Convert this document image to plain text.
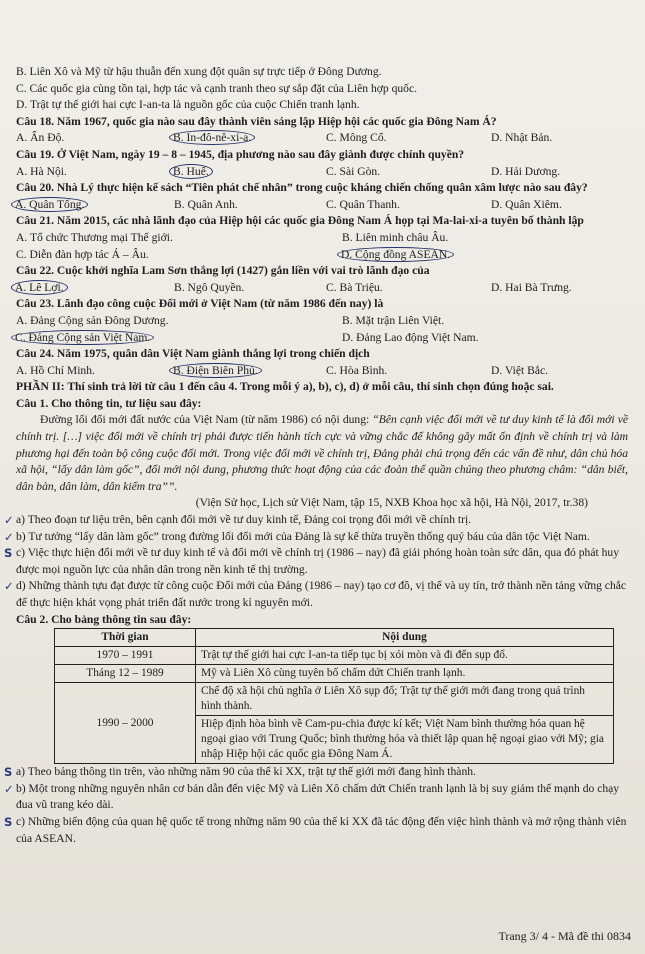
B. Liên Xô và Mỹ từ hậu thuẫn đến xung đột quân sự trực tiếp ở Đông Dương.
C. Các quốc gia cùng tồn tại, hợp tác và cạnh tranh theo sự sắp đặt của Liên hợp quốc.
D. Trật tự thế giới hai cực I-an-ta là nguồn gốc của cuộc Chiến tranh lạnh.
Câu 18. Năm 1967, quốc gia nào sau đây thành viên sáng lập Hiệp hội các quốc gia Đông Nam Á?
A. Ấn Độ.	B. In-đô-nê-xi-a.	C. Mông Cổ.	D. Nhật Bản.
Câu 19. Ở Việt Nam, ngày 19 – 8 – 1945, địa phương nào sau đây giành được chính quyền?
A. Hà Nội.	B. Huế.	C. Sài Gòn.	D. Hải Dương.
Câu 20. Nhà Lý thực hiện kế sách “Tiên phát chế nhân” trong cuộc kháng chiến chống quân xâm lược nào sau đây?
A. Quân Tống.	B. Quân Anh.	C. Quân Thanh.	D. Quân Xiêm.
Câu 21. Năm 2015, các nhà lãnh đạo của Hiệp hội các quốc gia Đông Nam Á họp tại Ma-lai-xi-a tuyên bố thành lập
A. Tổ chức Thương mại Thế giới.	B. Liên minh châu Âu.
C. Diễn đàn hợp tác Á – Âu.	D. Cộng đồng ASEAN.
Câu 22. Cuộc khởi nghĩa Lam Sơn thắng lợi (1427) gắn liền với vai trò lãnh đạo của
A. Lê Lợi.	B. Ngô Quyền.	C. Bà Triệu.	D. Hai Bà Trưng.
Câu 23. Lãnh đạo công cuộc Đổi mới ở Việt Nam (từ năm 1986 đến nay) là
A. Đảng Cộng sản Đông Dương.	B. Mặt trận Liên Việt.
C. Đảng Cộng sản Việt Nam.	D. Đảng Lao động Việt Nam.
Câu 24. Năm 1975, quân dân Việt Nam giành thắng lợi trong chiến dịch
A. Hồ Chí Minh.	B. Điện Biên Phủ.	C. Hòa Bình.	D. Việt Bắc.
PHẦN II: Thí sinh trả lời từ câu 1 đến câu 4. Trong mỗi ý a), b), c), d) ở mỗi câu, thí sinh chọn đúng hoặc sai.
Câu 1. Cho thông tin, tư liệu sau đây:
Đường lối đổi mới đất nước của Việt Nam (từ năm 1986) có nội dung: “Bên cạnh việc đổi mới về tư duy kinh tế là đổi mới về chính trị. […] việc đổi mới về chính trị phải được tiến hành tích cực và vững chắc để không gây mất ổn định về chính trị và làm phương hại đến toàn bộ công cuộc đổi mới. Trong việc đổi mới về chính trị, Đảng phải chú trọng đến các vấn đề như, dân chủ hóa xã hội, “lấy dân làm gốc”, đổi mới nội dung, phương thức hoạt động của các đoàn thể quần chúng theo phương châm: “dân biết, dân bàn, dân làm, dân kiểm tra””.
(Viện Sử học, Lịch sử Việt Nam, tập 15, NXB Khoa học xã hội, Hà Nội, 2017, tr.38)
✓ a) Theo đoạn tư liệu trên, bên cạnh đổi mới về tư duy kinh tế, Đảng coi trọng đổi mới về chính trị.
✓ b) Tư tưởng “lấy dân làm gốc” trong đường lối đổi mới của Đảng là sự kế thừa truyền thống quý báu của dân tộc Việt Nam.
S c) Việc thực hiện đổi mới về tư duy kinh tế và đổi mới về chính trị (1986 – nay) đã giải phóng hoàn toàn sức dân, qua đó phát huy được mọi nguồn lực của nhân dân trong nền kinh tế thị trường.
✓ d) Những thành tựu đạt được từ công cuộc Đổi mới của Đảng (1986 – nay) tạo cơ đồ, vị thế và uy tín, trở thành nền tảng vững chắc để thực hiện khát vọng phát triển đất nước trong kỉ nguyên mới.
Câu 2. Cho bảng thông tin sau đây:
Thời gian	Nội dung
1970 – 1991	Trật tự thế giới hai cực I-an-ta tiếp tục bị xói mòn và đi đến sụp đổ.
Tháng 12 – 1989	Mỹ và Liên Xô cùng tuyên bố chấm dứt Chiến tranh lạnh.
1990 – 2000	Chế độ xã hội chủ nghĩa ở Liên Xô sụp đổ; Trật tự thế giới mới đang trong quá trình hình thành.
	Hiệp định hòa bình về Cam-pu-chia được kí kết; Việt Nam bình thường hóa quan hệ ngoại giao với Trung Quốc; bình thường hóa và thiết lập quan hệ ngoại giao với Mỹ; gia nhập Hiệp hội các quốc gia Đông Nam Á.
S a) Theo bảng thông tin trên, vào những năm 90 của thế kỉ XX, trật tự thế giới mới đang hình thành.
✓ b) Một trong những nguyên nhân cơ bản dẫn đến việc Mỹ và Liên Xô chấm dứt Chiến tranh lạnh là bị suy giảm thế mạnh do chạy đua vũ trang kéo dài.
S c) Những biến động của quan hệ quốc tế trong những năm 90 của thế kỉ XX đã tác động đến việc hình thành và mở rộng thành viên của ASEAN.
Trang 3/ 4 - Mã đề thi 0834
